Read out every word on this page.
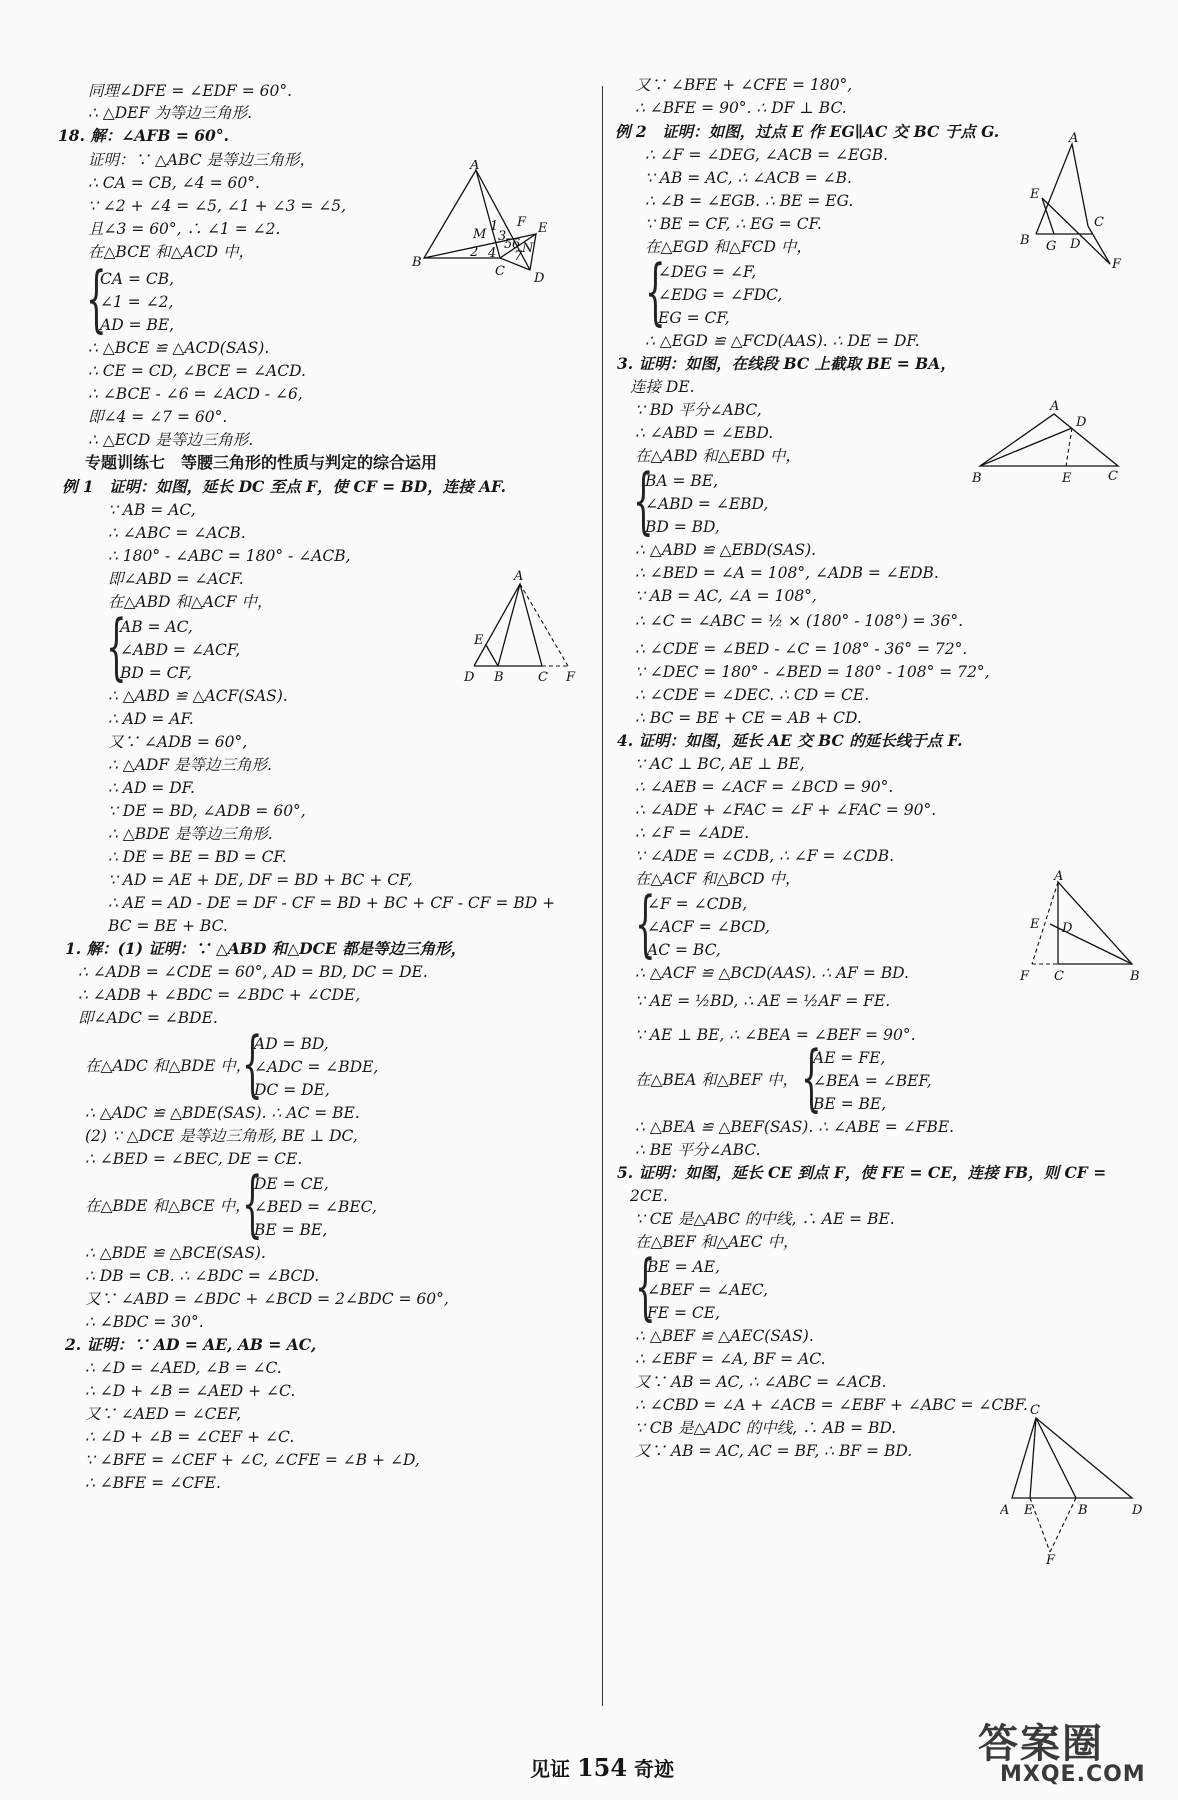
同理∠DFE = ∠EDF = 60°.
∴ △DEF 为等边三角形.
18. 解：∠AFB = 60°.
证明：∵ △ABC 是等边三角形，
∴ CA = CB, ∠4 = 60°.
∵ ∠2 + ∠4 = ∠5, ∠1 + ∠3 = ∠5,
且∠3 = 60°, ∴ ∠1 = ∠2.
在△BCE 和△ACD 中，
CA = CB,
∠1 = ∠2,
AD = BE,
∴ △BCE ≌ △ACD(SAS).
∴ CE = CD, ∠BCE = ∠ACD.
∴ ∠BCE - ∠6 = ∠ACD - ∠6,
即∠4 = ∠7 = 60°.
∴ △ECD 是等边三角形.
专题训练七　等腰三角形的性质与判定的综合运用
例 1　证明：如图，延长 DC 至点 F，使 CF = BD，连接 AF.
∵ AB = AC,
∴ ∠ABC = ∠ACB.
∴ 180° - ∠ABC = 180° - ∠ACB,
即∠ABD = ∠ACF.
在△ABD 和△ACF 中，
AB = AC,
∠ABD = ∠ACF,
BD = CF,
∴ △ABD ≌ △ACF(SAS).
∴ AD = AF.
又∵ ∠ADB = 60°,
∴ △ADF 是等边三角形.
∴ AD = DF.
∵ DE = BD, ∠ADB = 60°,
∴ △BDE 是等边三角形.
∴ DE = BE = BD = CF.
∵ AD = AE + DE, DF = BD + BC + CF,
∴ AE = AD - DE = DF - CF = BD + BC + CF - CF = BD +
BC = BE + BC.
1. 解：(1) 证明：∵ △ABD 和△DCE 都是等边三角形，
∴ ∠ADB = ∠CDE = 60°, AD = BD, DC = DE.
∴ ∠ADB + ∠BDC = ∠BDC + ∠CDE,
即∠ADC = ∠BDE.
AD = BD,
在△ADC 和△BDE 中， ∠ADC = ∠BDE,
DC = DE,
∴ △ADC ≌ △BDE(SAS). ∴ AC = BE.
(2) ∵ △DCE 是等边三角形, BE ⊥ DC,
∴ ∠BED = ∠BEC, DE = CE.
DE = CE,
在△BDE 和△BCE 中， ∠BED = ∠BEC,
BE = BE,
∴ △BDE ≌ △BCE(SAS).
∴ DB = CB. ∴ ∠BDC = ∠BCD.
又∵ ∠ABD = ∠BDC + ∠BCD = 2∠BDC = 60°,
∴ ∠BDC = 30°.
2. 证明：∵ AD = AE, AB = AC,
∴ ∠D = ∠AED, ∠B = ∠C.
∴ ∠D + ∠B = ∠AED + ∠C.
又∵ ∠AED = ∠CEF,
∴ ∠D + ∠B = ∠CEF + ∠C.
∵ ∠BFE = ∠CEF + ∠C, ∠CFE = ∠B + ∠D,
∴ ∠BFE = ∠CFE.
{
{
{
{
又∵ ∠BFE + ∠CFE = 180°,
∴ ∠BFE = 90°. ∴ DF ⊥ BC.
例 2　证明：如图，过点 E 作 EG∥AC 交 BC 于点 G.
∴ ∠F = ∠DEG, ∠ACB = ∠EGB.
∵ AB = AC, ∴ ∠ACB = ∠B.
∴ ∠B = ∠EGB. ∴ BE = EG.
∵ BE = CF, ∴ EG = CF.
在△EGD 和△FCD 中，
∠DEG = ∠F,
∠EDG = ∠FDC,
EG = CF,
∴ △EGD ≌ △FCD(AAS). ∴ DE = DF.
3. 证明：如图，在线段 BC 上截取 BE = BA，
连接 DE.
∵ BD 平分∠ABC,
∴ ∠ABD = ∠EBD.
在△ABD 和△EBD 中，
BA = BE,
∠ABD = ∠EBD,
BD = BD,
∴ △ABD ≌ △EBD(SAS).
∴ ∠BED = ∠A = 108°, ∠ADB = ∠EDB.
∵ AB = AC, ∠A = 108°,
∴ ∠C = ∠ABC = ½ × (180° - 108°) = 36°.
∴ ∠CDE = ∠BED - ∠C = 108° - 36° = 72°.
∵ ∠DEC = 180° - ∠BED = 180° - 108° = 72°,
∴ ∠CDE = ∠DEC. ∴ CD = CE.
∴ BC = BE + CE = AB + CD.
4. 证明：如图，延长 AE 交 BC 的延长线于点 F.
∵ AC ⊥ BC, AE ⊥ BE,
∴ ∠AEB = ∠ACF = ∠BCD = 90°.
∴ ∠ADE + ∠FAC = ∠F + ∠FAC = 90°.
∴ ∠F = ∠ADE.
∵ ∠ADE = ∠CDB, ∴ ∠F = ∠CDB.
在△ACF 和△BCD 中，
∠F = ∠CDB,
∠ACF = ∠BCD,
AC = BC,
∴ △ACF ≌ △BCD(AAS). ∴ AF = BD.
∵ AE = ½BD, ∴ AE = ½AF = FE.
∵ AE ⊥ BE, ∴ ∠BEA = ∠BEF = 90°.
AE = FE,
在△BEA 和△BEF 中， ∠BEA = ∠BEF,
BE = BE,
∴ △BEA ≌ △BEF(SAS). ∴ ∠ABE = ∠FBE.
∴ BE 平分∠ABC.
5. 证明：如图，延长 CE 到点 F，使 FE = CE，连接 FB，则 CF =
2CE.
∵ CE 是△ABC 的中线, ∴ AE = BE.
在△BEF 和△AEC 中，
BE = AE,
∠BEF = ∠AEC,
FE = CE,
∴ △BEF ≌ △AEC(SAS).
∴ ∠EBF = ∠A, BF = AC.
又∵ AB = AC, ∴ ∠ABC = ∠ACB.
∴ ∠CBD = ∠A + ∠ACB = ∠EBF + ∠ABC = ∠CBF.
∵ CB 是△ADC 的中线, ∴ AB = BD.
又∵ AB = AC, AC = BF, ∴ BF = BD.
{
{
{
{
{
A
B
C D
E
F
M
N
1
2
3
4
5 6
7
A
E
D B	C F
A
E
C
B G D
F
A
D
B	E	C
A
E D
F C	B
C
A E	B	D
F
见证 154 奇迹
答案圈
MXQE.COM
